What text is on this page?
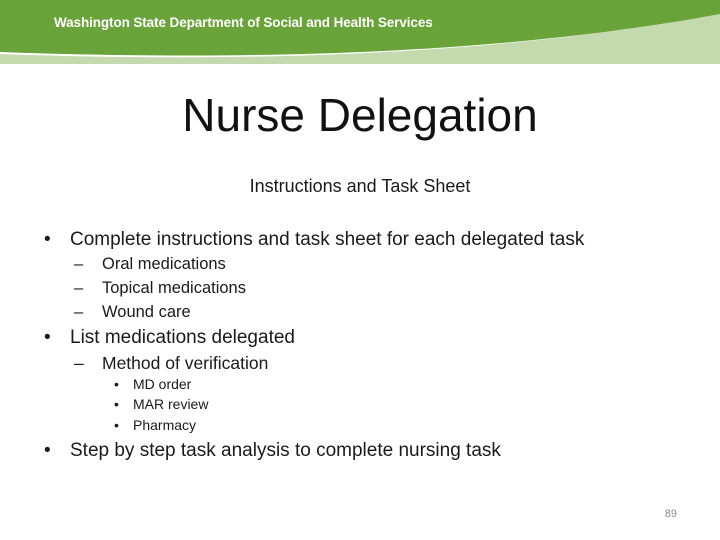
Washington State Department of Social and Health Services
Nurse Delegation
Instructions and Task Sheet
•	Complete instructions and task sheet for each delegated task
– Oral medications
– Topical medications
– Wound care
•	List medications delegated
– Method of verification
•	MD order
•	MAR review
•	Pharmacy
•	Step by step task analysis to complete nursing task
89
